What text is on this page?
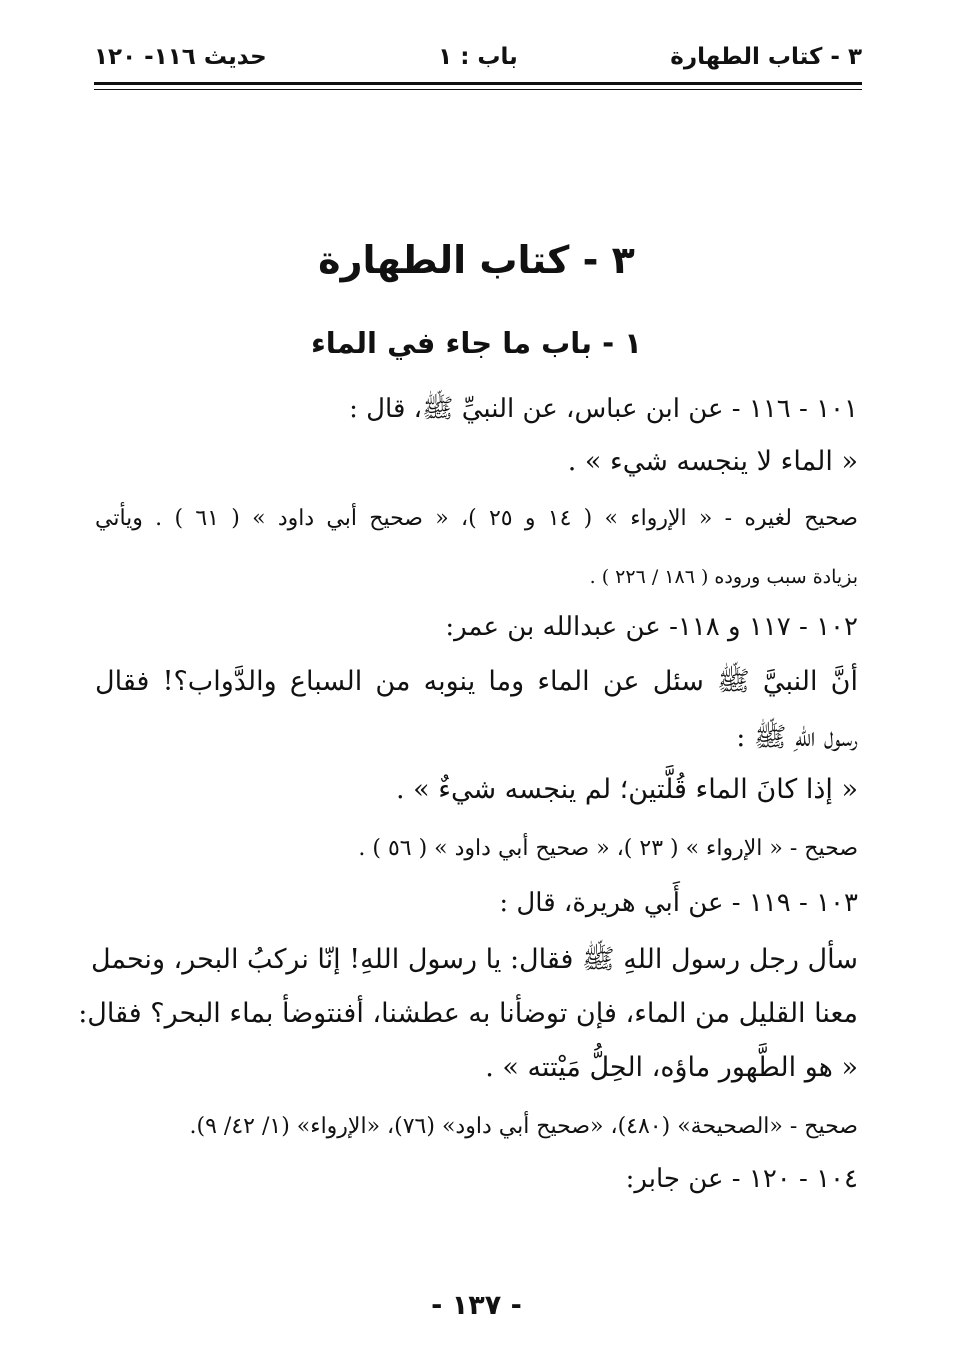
٣ - كتاب الطهارة
باب : ١
حديث ١١٦- ١٢٠
٣ - كتاب الطهارة
١ - باب ما جاء في الماء
١٠١ - ١١٦ - عن ابن عباس، عن النبيِّ ﷺ، قال :
« الماء لا ينجسه شيء » .
صحيح لغيره - « الإرواء » ( ١٤ و ٢٥ )، « صحيح أبي داود » ( ٦١ ) . ويأتي
بزيادة سبب وروده ( ١٨٦ / ٢٢٦ ) .
١٠٢ - ١١٧ و ١١٨- عن عبدالله بن عمر:
أنَّ النبيَّ ﷺ سئل عن الماء وما ينوبه من السباع والدَّواب؟! فقال
رسول اللهِ ﷺ :
« إذا كانَ الماء قُلَّتين؛ لم ينجسه شيءٌ » .
صحيح - « الإرواء » ( ٢٣ )، « صحيح أبي داود » ( ٥٦ ) .
١٠٣ - ١١٩ - عن أَبي هريرة، قال :
سأل رجل رسول اللهِ ﷺ فقال: يا رسول اللهِ! إنّا نركبُ البحر، ونحمل
معنا القليل من الماء، فإن توضأنا به عطشنا، أفنتوضأ بماء البحر؟ فقال:
« هو الطَّهور ماؤه، الحِلُّ مَيْتته » .
صحيح - «الصحيحة» (٤٨٠)، «صحيح أبي داود» (٧٦)، «الإرواء» (١/ ٤٢/ ٩).
١٠٤ - ١٢٠ - عن جابر:
- ١٣٧ -
